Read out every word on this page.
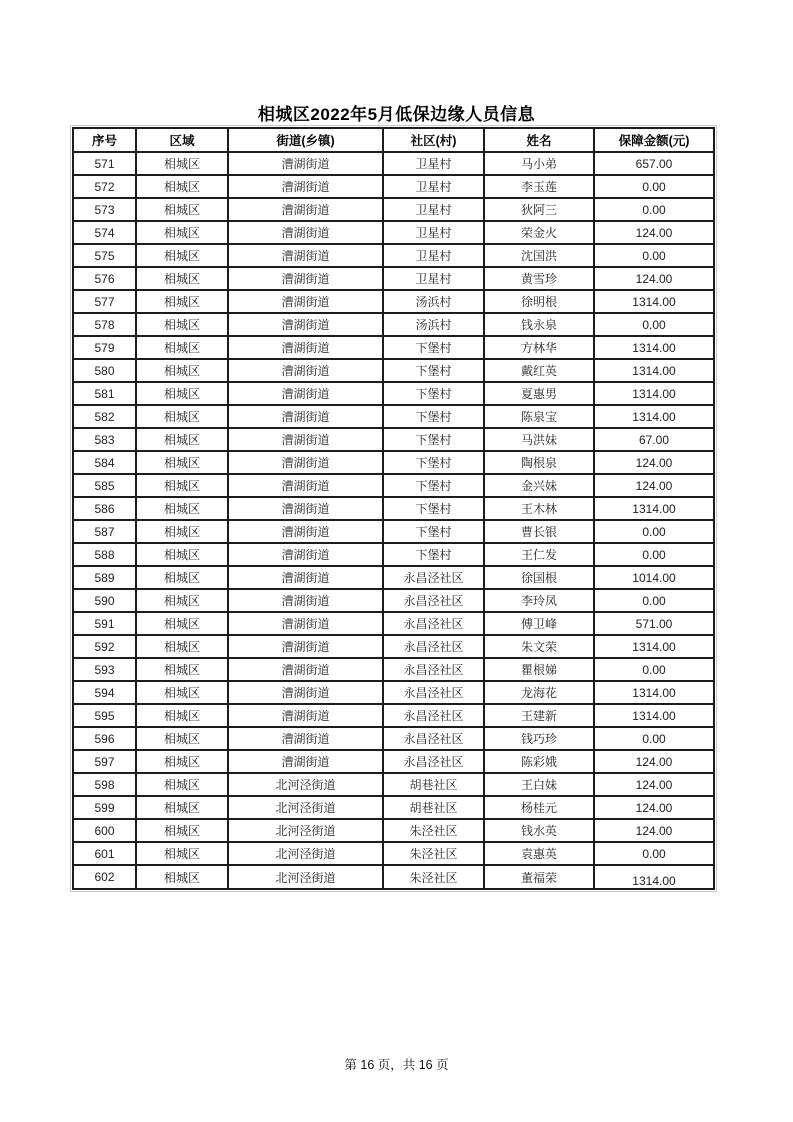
相城区2022年5月低保边缘人员信息
序号	区域	街道(乡镇)	社区(村)	姓名	保障金额(元)
571	相城区	漕湖街道	卫星村	马小弟	657.00
572	相城区	漕湖街道	卫星村	李玉莲	0.00
573	相城区	漕湖街道	卫星村	狄阿三	0.00
574	相城区	漕湖街道	卫星村	荣金火	124.00
575	相城区	漕湖街道	卫星村	沈国洪	0.00
576	相城区	漕湖街道	卫星村	黄雪珍	124.00
577	相城区	漕湖街道	汤浜村	徐明根	1314.00
578	相城区	漕湖街道	汤浜村	钱永泉	0.00
579	相城区	漕湖街道	下堡村	方林华	1314.00
580	相城区	漕湖街道	下堡村	戴红英	1314.00
581	相城区	漕湖街道	下堡村	夏惠男	1314.00
582	相城区	漕湖街道	下堡村	陈泉宝	1314.00
583	相城区	漕湖街道	下堡村	马洪妹	67.00
584	相城区	漕湖街道	下堡村	陶根泉	124.00
585	相城区	漕湖街道	下堡村	金兴妹	124.00
586	相城区	漕湖街道	下堡村	王木林	1314.00
587	相城区	漕湖街道	下堡村	曹长银	0.00
588	相城区	漕湖街道	下堡村	王仁发	0.00
589	相城区	漕湖街道	永昌泾社区	徐国根	1014.00
590	相城区	漕湖街道	永昌泾社区	李玲凤	0.00
591	相城区	漕湖街道	永昌泾社区	傅卫峰	571.00
592	相城区	漕湖街道	永昌泾社区	朱文荣	1314.00
593	相城区	漕湖街道	永昌泾社区	瞿根娣	0.00
594	相城区	漕湖街道	永昌泾社区	龙海花	1314.00
595	相城区	漕湖街道	永昌泾社区	王建新	1314.00
596	相城区	漕湖街道	永昌泾社区	钱巧珍	0.00
597	相城区	漕湖街道	永昌泾社区	陈彩娥	124.00
598	相城区	北河泾街道	胡巷社区	王白妹	124.00
599	相城区	北河泾街道	胡巷社区	杨桂元	124.00
600	相城区	北河泾街道	朱泾社区	钱水英	124.00
601	相城区	北河泾街道	朱泾社区	袁惠英	0.00
602	相城区	北河泾街道	朱泾社区	董福荣	1314.00
第 16 页，共 16 页
